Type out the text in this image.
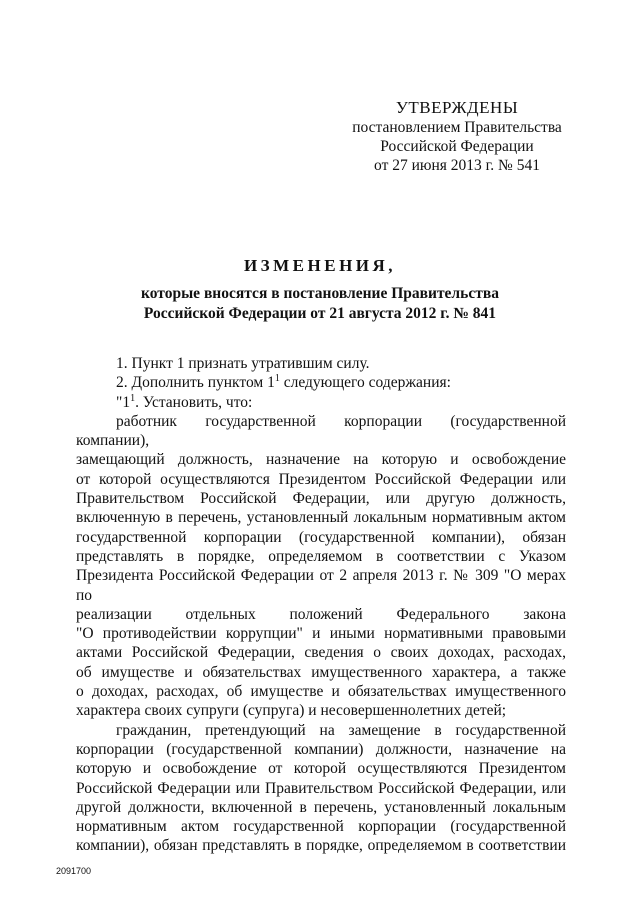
УТВЕРЖДЕНЫ
постановлением Правительства
Российской Федерации
от 27 июня 2013 г. № 541
ИЗМЕНЕНИЯ,
которые вносятся в постановление Правительства
Российской Федерации от 21 августа 2012 г. № 841

1. Пункт 1 признать утратившим силу.

2. Дополнить пунктом $1^1$ следующего содержания:

"$1^1$. Установить, что:

работник государственной корпорации (государственной компании),

замещающий должность, назначение на которую и освобождение

от которой осуществляются Президентом Российской Федерации или

Правительством Российской Федерации, или другую должность,

включенную в перечень, установленный локальным нормативным актом

государственной корпорации (государственной компании), обязан

представлять в порядке, определяемом в соответствии с Указом

Президента Российской Федерации от 2 апреля 2013 г. № 309 "О мерах по

реализации отдельных положений Федерального закона

"О противодействии коррупции" и иными нормативными правовыми

актами Российской Федерации, сведения о своих доходах, расходах,

об имуществе и обязательствах имущественного характера, а также

о доходах, расходах, об имуществе и обязательствах имущественного

характера своих супруги (супруга) и несовершеннолетних детей;

гражданин, претендующий на замещение в государственной

корпорации (государственной компании) должности, назначение на

которую и освобождение от которой осуществляются Президентом

Российской Федерации или Правительством Российской Федерации, или

другой должности, включенной в перечень, установленный локальным

нормативным актом государственной корпорации (государственной

компании), обязан представлять в порядке, определяемом в соответствии

2091700
